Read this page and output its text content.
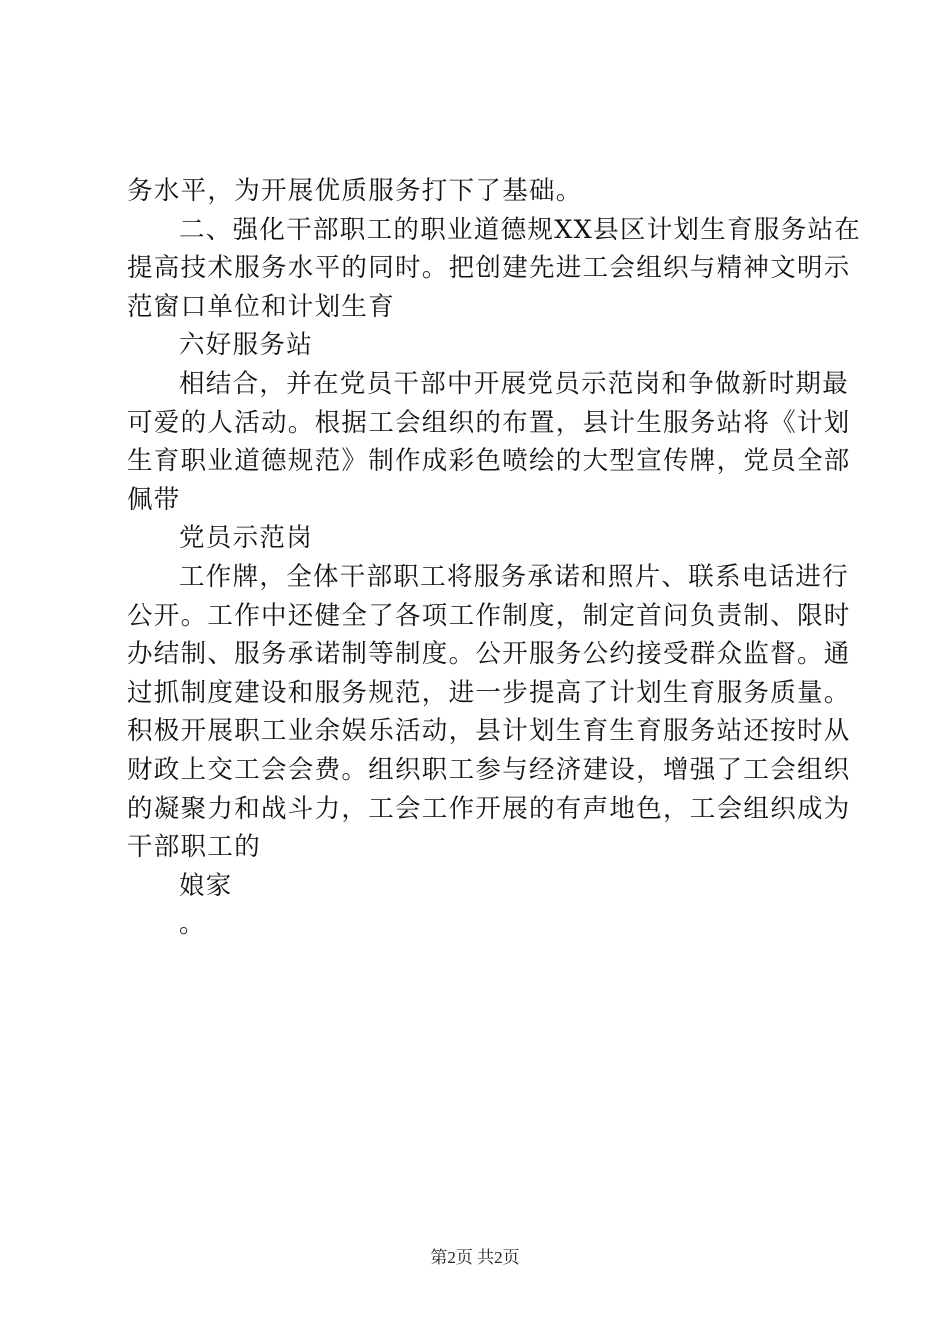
务水平，为开展优质服务打下了基础。
二、强化干部职工的职业道德规XX县区计划生育服务站在
提高技术服务水平的同时。把创建先进工会组织与精神文明示
范窗口单位和计划生育
六好服务站
相结合，并在党员干部中开展党员示范岗和争做新时期最
可爱的人活动。根据工会组织的布置，县计生服务站将《计划
生育职业道德规范》制作成彩色喷绘的大型宣传牌，党员全部
佩带
党员示范岗
工作牌，全体干部职工将服务承诺和照片、联系电话进行
公开。工作中还健全了各项工作制度，制定首问负责制、限时
办结制、服务承诺制等制度。公开服务公约接受群众监督。通
过抓制度建设和服务规范，进一步提高了计划生育服务质量。
积极开展职工业余娱乐活动，县计划生育生育服务站还按时从
财政上交工会会费。组织职工参与经济建设，增强了工会组织
的凝聚力和战斗力，工会工作开展的有声地色，工会组织成为
干部职工的
娘家
。
第2页 共2页
